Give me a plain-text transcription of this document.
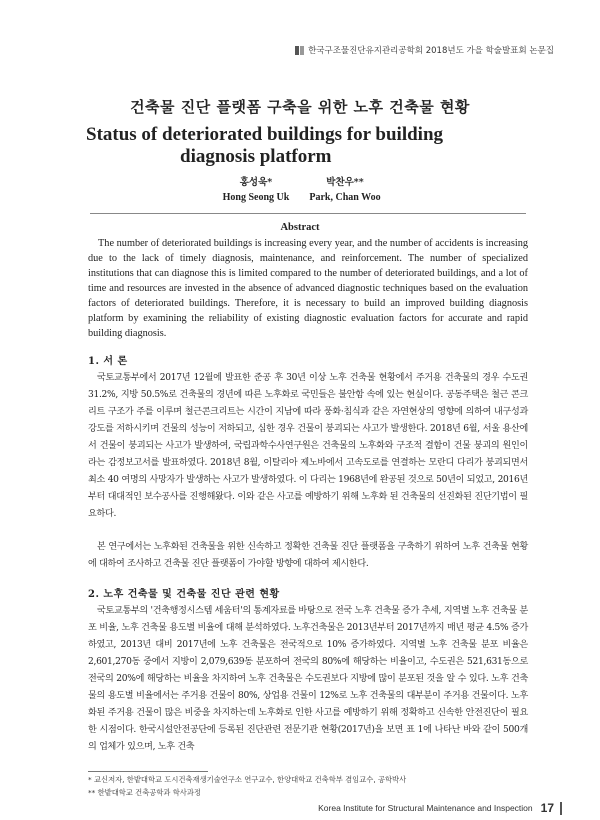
한국구조물진단유지관리공학회 2018년도 가을 학술발표회 논문집
건축물 진단 플랫폼 구축을 위한 노후 건축물 현황
Status of deteriorated buildings for buildingdiagnosis platform
홍성욱*
Hong Seong Uk
박찬우**
Park, Chan Woo
Abstract
The number of deteriorated buildings is increasing every year, and the number of accidents is increasing due to the lack of timely diagnosis, maintenance, and reinforcement. The number of specialized institutions that can diagnose this is limited compared to the number of deteriorated buildings, and a lot of time and resources are invested in the absence of advanced diagnostic techniques based on the evaluation factors of deteriorated buildings. Therefore, it is necessary to build an improved building diagnosis platform by examining the reliability of existing diagnostic evaluation factors for accurate and rapid building diagnosis.
1. 서 론
국토교통부에서 2017년 12월에 발표한 준공 후 30년 이상 노후 건축물 현황에서 주거용 건축물의 경우 수도권 31.2%, 지방 50.5%로 건축물의 경년에 따른 노후화로 국민들은 불안함 속에 있는 현실이다. 공동주택은 철근 콘크리트 구조가 주를 이루며 철근콘크리트는 시간이 지남에 따라 풍화·침식과 같은 자연현상의 영향에 의하여 내구성과 강도를 저하시키며 건물의 성능이 저하되고, 심한 경우 건물이 붕괴되는 사고가 발생한다. 2018년 6월, 서울 용산에서 건물이 붕괴되는 사고가 발생하여, 국립과학수사연구원은 건축물의 노후화와 구조적 결함이 건물 붕괴의 원인이라는 감정보고서를 발표하였다. 2018년 8월, 이탈리아 제노바에서 고속도로를 연결하는 모란디 다리가 붕괴되면서 최소 40 여명의 사망자가 발생하는 사고가 발생하였다. 이 다리는 1968년에 완공된 것으로 50년이 되었고, 2016년부터 대대적인 보수공사를 진행해왔다. 이와 같은 사고를 예방하기 위해 노후화 된 건축물의 선진화된 진단기법이 필요하다.
본 연구에서는 노후화된 건축물을 위한 신속하고 정확한 건축물 진단 플랫폼을 구축하기 위하여 노후 건축물 현황에 대하여 조사하고 건축물 진단 플랫폼이 가야할 방향에 대하여 제시한다.
2. 노후 건축물 및 건축물 진단 관련 현황
국토교통부의 '건축행정시스템 세움터'의 통계자료를 바탕으로 전국 노후 건축물 증가 추세, 지역별 노후 건축물 분포 비율, 노후 건축물 용도별 비율에 대해 분석하였다. 노후건축물은 2013년부터 2017년까지 매년 평균 4.5% 증가하였고, 2013년 대비 2017년에 노후 건축물은 전국적으로 10% 증가하였다. 지역별 노후 건축물 분포 비율은 2,601,270동 중에서 지방이 2,079,639동 분포하여 전국의 80%에 해당하는 비율이고, 수도권은 521,631동으로 전국의 20%에 해당하는 비율을 차지하여 노후 건축물은 수도권보다 지방에 많이 분포된 것을 알 수 있다. 노후 건축물의 용도별 비율에서는 주거용 건물이 80%, 상업용 건물이 12%로 노후 건축물의 대부분이 주거용 건물이다. 노후화된 주거용 건물이 많은 비중을 차지하는데 노후화로 인한 사고를 예방하기 위해 정확하고 신속한 안전진단이 필요한 시점이다. 한국시설안전공단에 등록된 진단관련 전문기관 현황(2017년)을 보면 표 1에 나타난 바와 같이 500개의 업체가 있으며, 노후 건축
* 교신저자, 한밭대학교 도시건축재생기술연구소 연구교수, 한양대학교 건축학부 겸임교수, 공학박사
** 한밭대학교 건축공학과 학사과정
Korea Institute for Structural Maintenance and Inspection 17
